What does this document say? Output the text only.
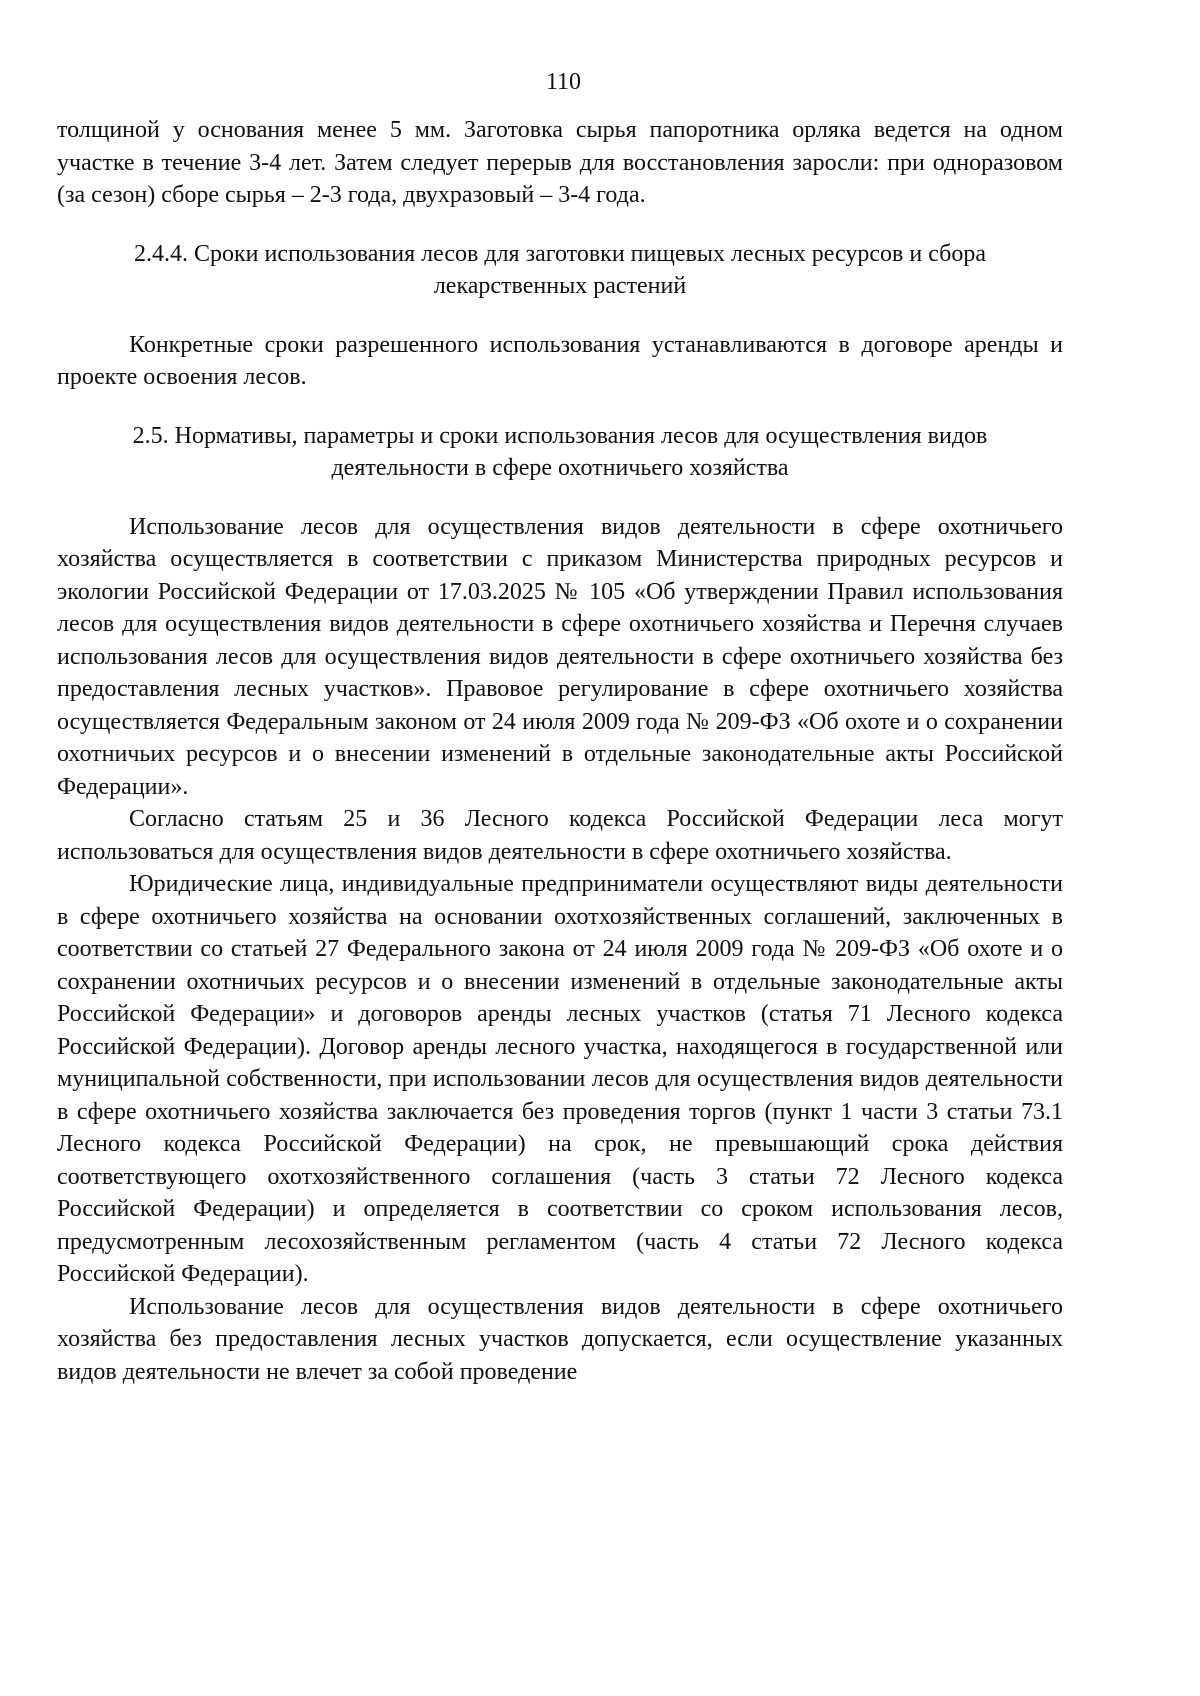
110

толщиной у основания менее 5 мм. Заготовка сырья папоротника орляка ведется на одном участке в течение 3-4 лет. Затем следует перерыв для восстановления заросли: при одноразовом (за сезон) сборе сырья – 2-3 года, двухразовый – 3-4 года.

2.4.4. Сроки использования лесов для заготовки пищевых лесных ресурсов и сбора лекарственных растений

Конкретные сроки разрешенного использования устанавливаются в договоре аренды и проекте освоения лесов.

2.5. Нормативы, параметры и сроки использования лесов для осуществления видов деятельности в сфере охотничьего хозяйства

Использование лесов для осуществления видов деятельности в сфере охотничьего хозяйства осуществляется в соответствии с приказом Министерства природных ресурсов и экологии Российской Федерации от 17.03.2025 № 105 «Об утверждении Правил использования лесов для осуществления видов деятельности в сфере охотничьего хозяйства и Перечня случаев использования лесов для осуществления видов деятельности в сфере охотничьего хозяйства без предоставления лесных участков». Правовое регулирование в сфере охотничьего хозяйства осуществляется Федеральным законом от 24 июля 2009 года № 209-ФЗ «Об охоте и о сохранении охотничьих ресурсов и о внесении изменений в отдельные законодательные акты Российской Федерации».

Согласно статьям 25 и 36 Лесного кодекса Российской Федерации леса могут использоваться для осуществления видов деятельности в сфере охотничьего хозяйства.

Юридические лица, индивидуальные предприниматели осуществляют виды деятельности в сфере охотничьего хозяйства на основании охотхозяйственных соглашений, заключенных в соответствии со статьей 27 Федерального закона от 24 июля 2009 года № 209-ФЗ «Об охоте и о сохранении охотничьих ресурсов и о внесении изменений в отдельные законодательные акты Российской Федерации» и договоров аренды лесных участков (статья 71 Лесного кодекса Российской Федерации). Договор аренды лесного участка, находящегося в государственной или муниципальной собственности, при использовании лесов для осуществления видов деятельности в сфере охотничьего хозяйства заключается без проведения торгов (пункт 1 части 3 статьи 73.1 Лесного кодекса Российской Федерации) на срок, не превышающий срока действия соответствующего охотхозяйственного соглашения (часть 3 статьи 72 Лесного кодекса Российской Федерации) и определяется в соответствии со сроком использования лесов, предусмотренным лесохозяйственным регламентом (часть 4 статьи 72 Лесного кодекса Российской Федерации).

Использование лесов для осуществления видов деятельности в сфере охотничьего хозяйства без предоставления лесных участков допускается, если осуществление указанных видов деятельности не влечет за собой проведение
